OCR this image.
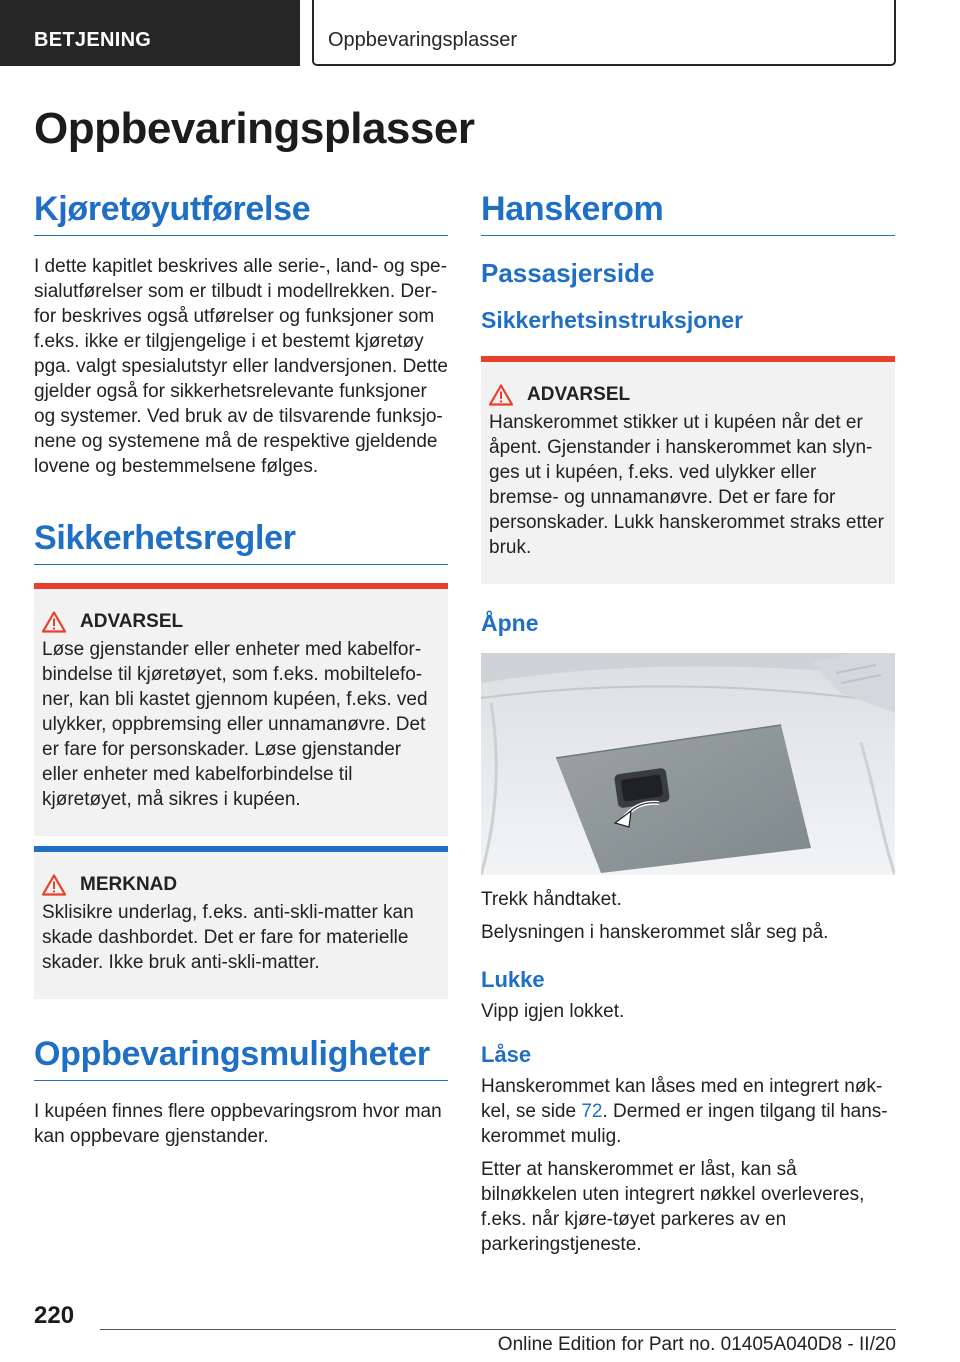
BETJENING	Oppbevaringsplasser
Oppbevaringsplasser
Kjøretøyutførelse

I dette kapitlet beskrives alle serie-, land- og spe-sialutførelser som er tilbudt i modellrekken. Der-for beskrives også utførelser og funksjoner som f.eks. ikke er tilgjengelige i et bestemt kjøretøy pga. valgt spesialutstyr eller landversjonen. Dette gjelder også for sikkerhetsrelevante funksjoner og systemer. Ved bruk av de tilsvarende funksjo-nene og systemene må de respektive gjeldende lovene og bestemmelsene følges.

Sikkerhetsregler
ADVARSEL
Løse gjenstander eller enheter med kabelfor-bindelse til kjøretøyet, som f.eks. mobiltelefo-ner, kan bli kastet gjennom kupéen, f.eks. ved ulykker, oppbremsing eller unnamanøvre. Det er fare for personskader. Løse gjenstander eller enheter med kabelforbindelse til kjøretøyet, må sikres i kupéen.
MERKNAD
Sklisikre underlag, f.eks. anti-skli-matter kan skade dashbordet. Det er fare for materielle skader. Ikke bruk anti-skli-matter.
Oppbevaringsmuligheter

I kupéen finnes flere oppbevaringsrom hvor man kan oppbevare gjenstander.

Hanskerom
Passasjerside
Sikkerhetsinstruksjoner
ADVARSEL
Hanskerommet stikker ut i kupéen når det er åpent. Gjenstander i hanskerommet kan slyn-ges ut i kupéen, f.eks. ved ulykker eller bremse- og unnamanøvre. Det er fare for personskader. Lukk hanskerommet straks etter bruk.
Åpne

Trekk håndtaket.

Belysningen i hanskerommet slår seg på.

Lukke

Vipp igjen lokket.

Låse

Hanskerommet kan låses med en integrert nøk-kel, se side 72. Dermed er ingen tilgang til hans-kerommet mulig.

Etter at hanskerommet er låst, kan så bilnøkkelen uten integrert nøkkel overleveres, f.eks. når kjøre-tøyet parkeres av en parkeringstjeneste.

220
Online Edition for Part no. 01405A040D8 - II/20
